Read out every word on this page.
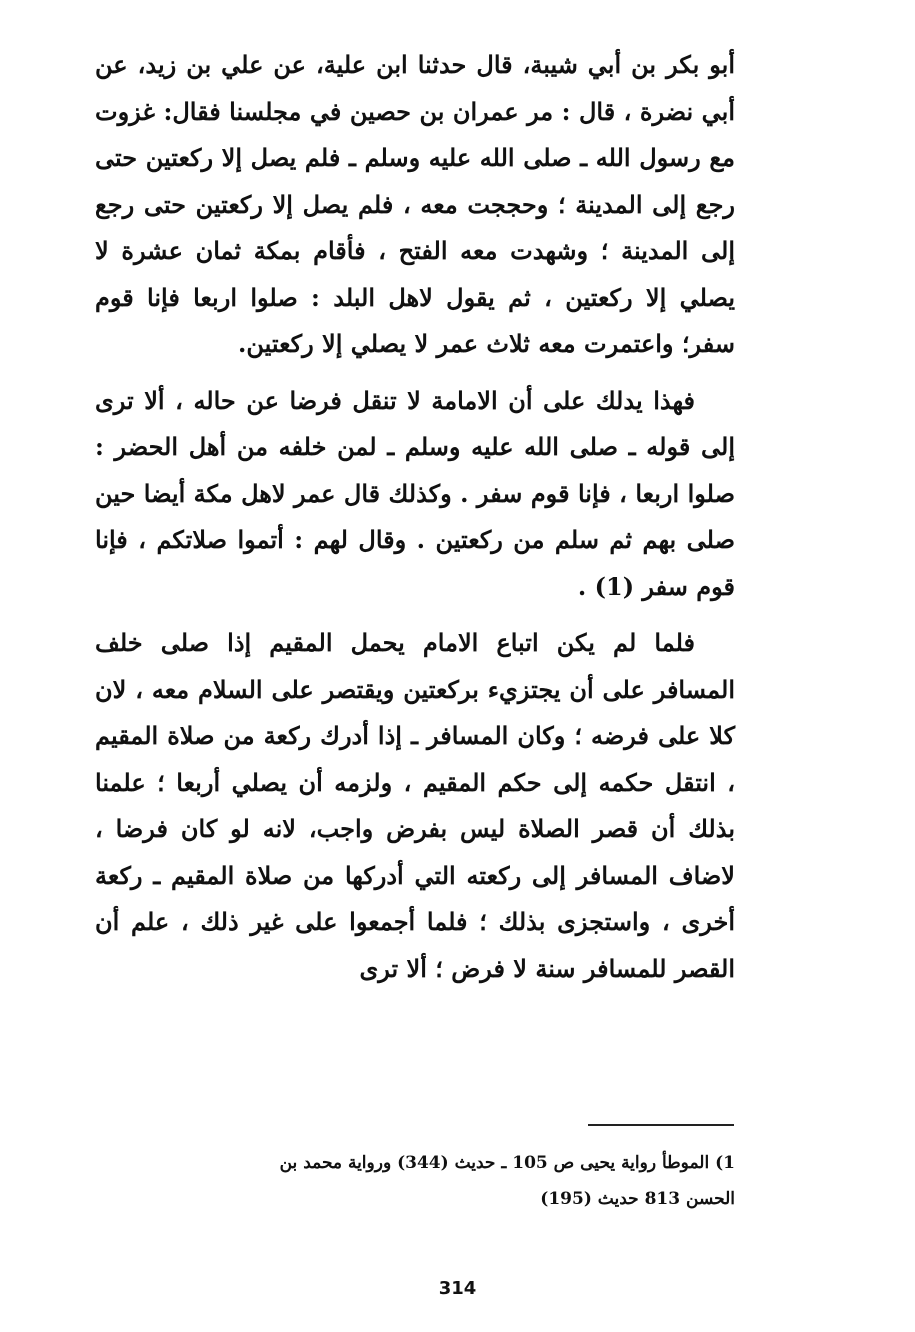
أبو بكر بن أبي شيبة، قال حدثنا ابن علية، عن علي بن زيد، عن أبي نضرة ، قال : مر عمران بن حصين في مجلسنا فقال: غزوت مع رسول الله ـ صلى الله عليه وسلم ـ فلم يصل إلا ركعتين حتى رجع إلى المدينة ؛ وحججت معه ، فلم يصل إلا ركعتين حتى رجع إلى المدينة ؛ وشهدت معه الفتح ، فأقام بمكة ثمان عشرة لا يصلي إلا ركعتين ، ثم يقول لاهل البلد : صلوا اربعا فإنا قوم سفر؛ واعتمرت معه ثلاث عمر لا يصلي إلا ركعتين.

فهذا يدلك على أن الامامة لا تنقل فرضا عن حاله ، ألا ترى إلى قوله ـ صلى الله عليه وسلم ـ لمن خلفه من أهل الحضر : صلوا اربعا ، فإنا قوم سفر . وكذلك قال عمر لاهل مكة أيضا حين صلى بهم ثم سلم من ركعتين . وقال لهم : أتموا صلاتكم ، فإنا قوم سفر (1) .

فلما لم يكن اتباع الامام يحمل المقيم إذا صلى خلف المسافر على أن يجتزيء بركعتين ويقتصر على السلام معه ، لان كلا على فرضه ؛ وكان المسافر ـ إذا أدرك ركعة من صلاة المقيم ، انتقل حكمه إلى حكم المقيم ، ولزمه أن يصلي أربعا ؛ علمنا بذلك أن قصر الصلاة ليس بفرض واجب، لانه لو كان فرضا ، لاضاف المسافر إلى ركعته التي أدركها من صلاة المقيم ـ ركعة أخرى ، واستجزى بذلك ؛ فلما أجمعوا على غير ذلك ، علم أن القصر للمسافر سنة لا فرض ؛ ألا ترى

1) الموطأ رواية يحيى ص 105 ـ حديث (344) ورواية محمد بن
الحسن 813 حديث (195)
314
